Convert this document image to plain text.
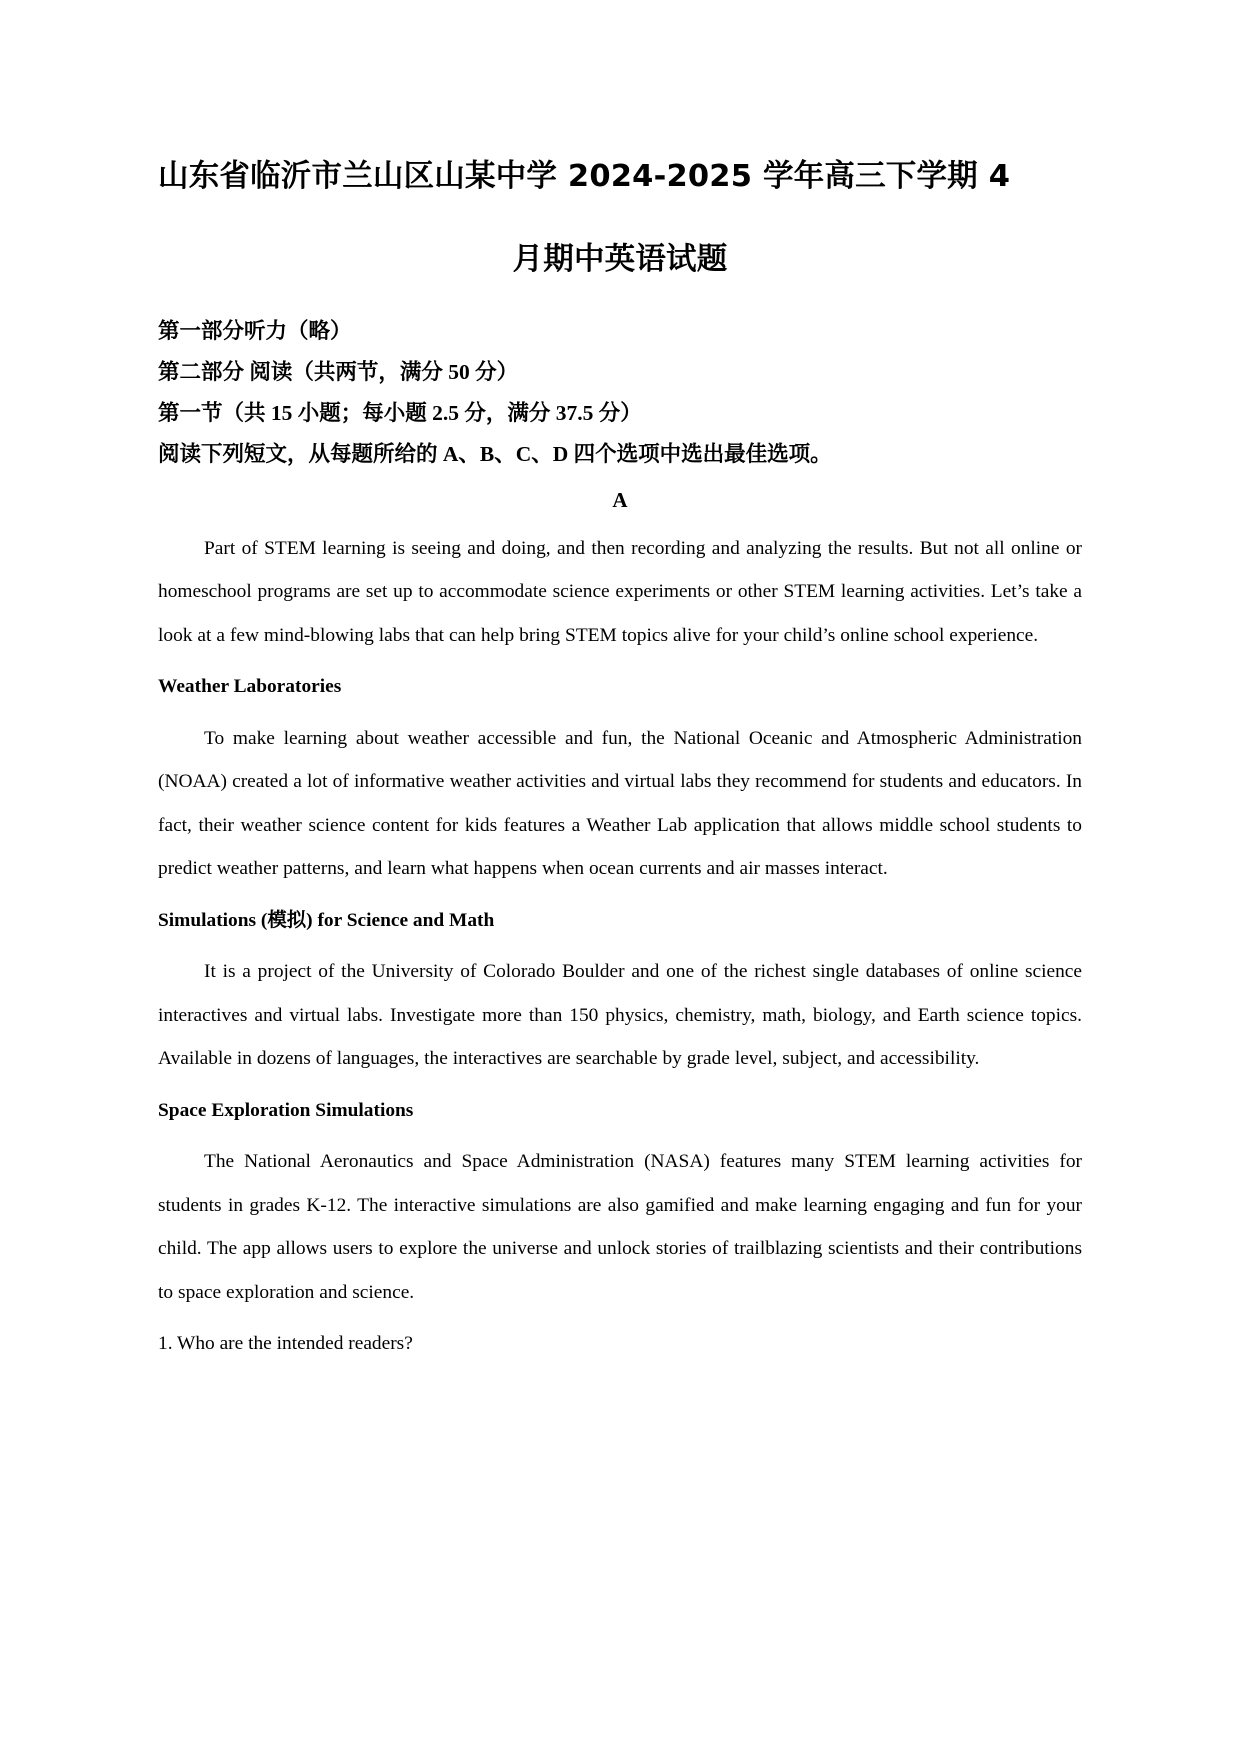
山东省临沂市兰山区山某中学 2024-2025 学年高三下学期 4
月期中英语试题

第一部分听力（略）

第二部分 阅读（共两节，满分 50 分）

第一节（共 15 小题；每小题 2.5 分，满分 37.5 分）

阅读下列短文，从每题所给的 A、B、C、D 四个选项中选出最佳选项。

A

Part of STEM learning is seeing and doing, and then recording and analyzing the results. But not all online or homeschool programs are set up to accommodate science experiments or other STEM learning activities. Let’s take a look at a few mind-blowing labs that can help bring STEM topics alive for your child’s online school experience.

Weather Laboratories

To make learning about weather accessible and fun, the National Oceanic and Atmospheric Administration (NOAA) created a lot of informative weather activities and virtual labs they recommend for students and educators. In fact, their weather science content for kids features a Weather Lab application that allows middle school students to predict weather patterns, and learn what happens when ocean currents and air masses interact.

Simulations (模拟) for Science and Math

It is a project of the University of Colorado Boulder and one of the richest single databases of online science interactives and virtual labs. Investigate more than 150 physics, chemistry, math, biology, and Earth science topics. Available in dozens of languages, the interactives are searchable by grade level, subject, and accessibility.

Space Exploration Simulations

The National Aeronautics and Space Administration (NASA) features many STEM learning activities for students in grades K-12. The interactive simulations are also gamified and make learning engaging and fun for your child. The app allows users to explore the universe and unlock stories of trailblazing scientists and their contributions to space exploration and science.

1. Who are the intended readers?
